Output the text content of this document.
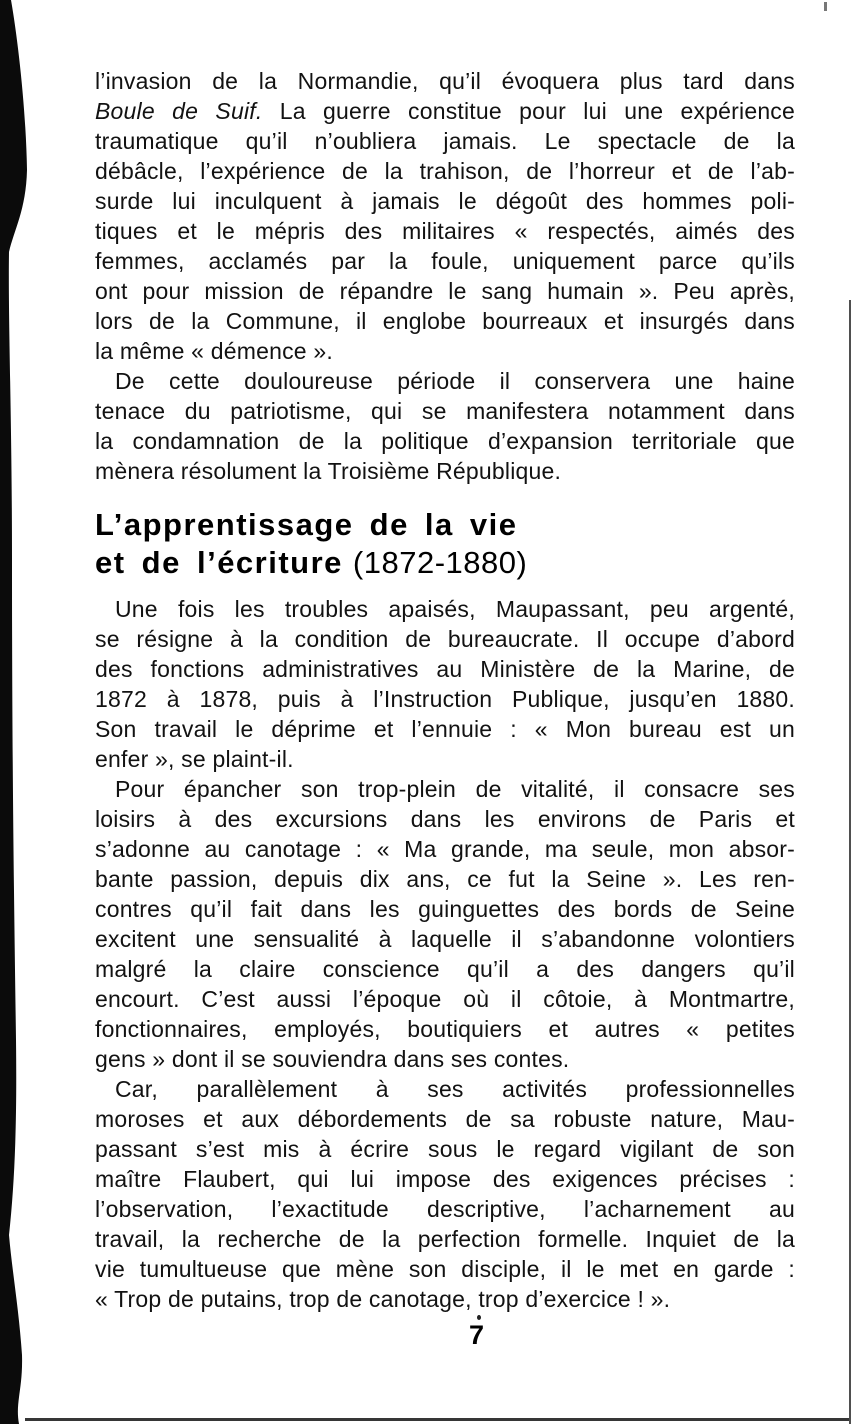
l’invasion de la Normandie, qu’il évoquera plus tard dans
Boule de Suif. La guerre constitue pour lui une expérience
traumatique qu’il n’oubliera jamais. Le spectacle de la
débâcle, l’expérience de la trahison, de l’horreur et de l’ab-
surde lui inculquent à jamais le dégoût des hommes poli-
tiques et le mépris des militaires « respectés, aimés des
femmes, acclamés par la foule, uniquement parce qu’ils
ont pour mission de répandre le sang humain ». Peu après,
lors de la Commune, il englobe bourreaux et insurgés dans
la même « démence ».
De cette douloureuse période il conservera une haine
tenace du patriotisme, qui se manifestera notamment dans
la condamnation de la politique d’expansion territoriale que
mènera résolument la Troisième République.
L’apprentissage de la vie
et de l’écriture (1872-1880)
Une fois les troubles apaisés, Maupassant, peu argenté,
se résigne à la condition de bureaucrate. Il occupe d’abord
des fonctions administratives au Ministère de la Marine, de
1872 à 1878, puis à l’Instruction Publique, jusqu’en 1880.
Son travail le déprime et l’ennuie : « Mon bureau est un
enfer », se plaint-il.
Pour épancher son trop-plein de vitalité, il consacre ses
loisirs à des excursions dans les environs de Paris et
s’adonne au canotage : « Ma grande, ma seule, mon absor-
bante passion, depuis dix ans, ce fut la Seine ». Les ren-
contres qu’il fait dans les guinguettes des bords de Seine
excitent une sensualité à laquelle il s’abandonne volontiers
malgré la claire conscience qu’il a des dangers qu’il
encourt. C’est aussi l’époque où il côtoie, à Montmartre,
fonctionnaires, employés, boutiquiers et autres « petites
gens » dont il se souviendra dans ses contes.
Car, parallèlement à ses activités professionnelles
moroses et aux débordements de sa robuste nature, Mau-
passant s’est mis à écrire sous le regard vigilant de son
maître Flaubert, qui lui impose des exigences précises :
l’observation, l’exactitude descriptive, l’acharnement au
travail, la recherche de la perfection formelle. Inquiet de la
vie tumultueuse que mène son disciple, il le met en garde :
« Trop de putains, trop de canotage, trop d’exercice ! ».
7
